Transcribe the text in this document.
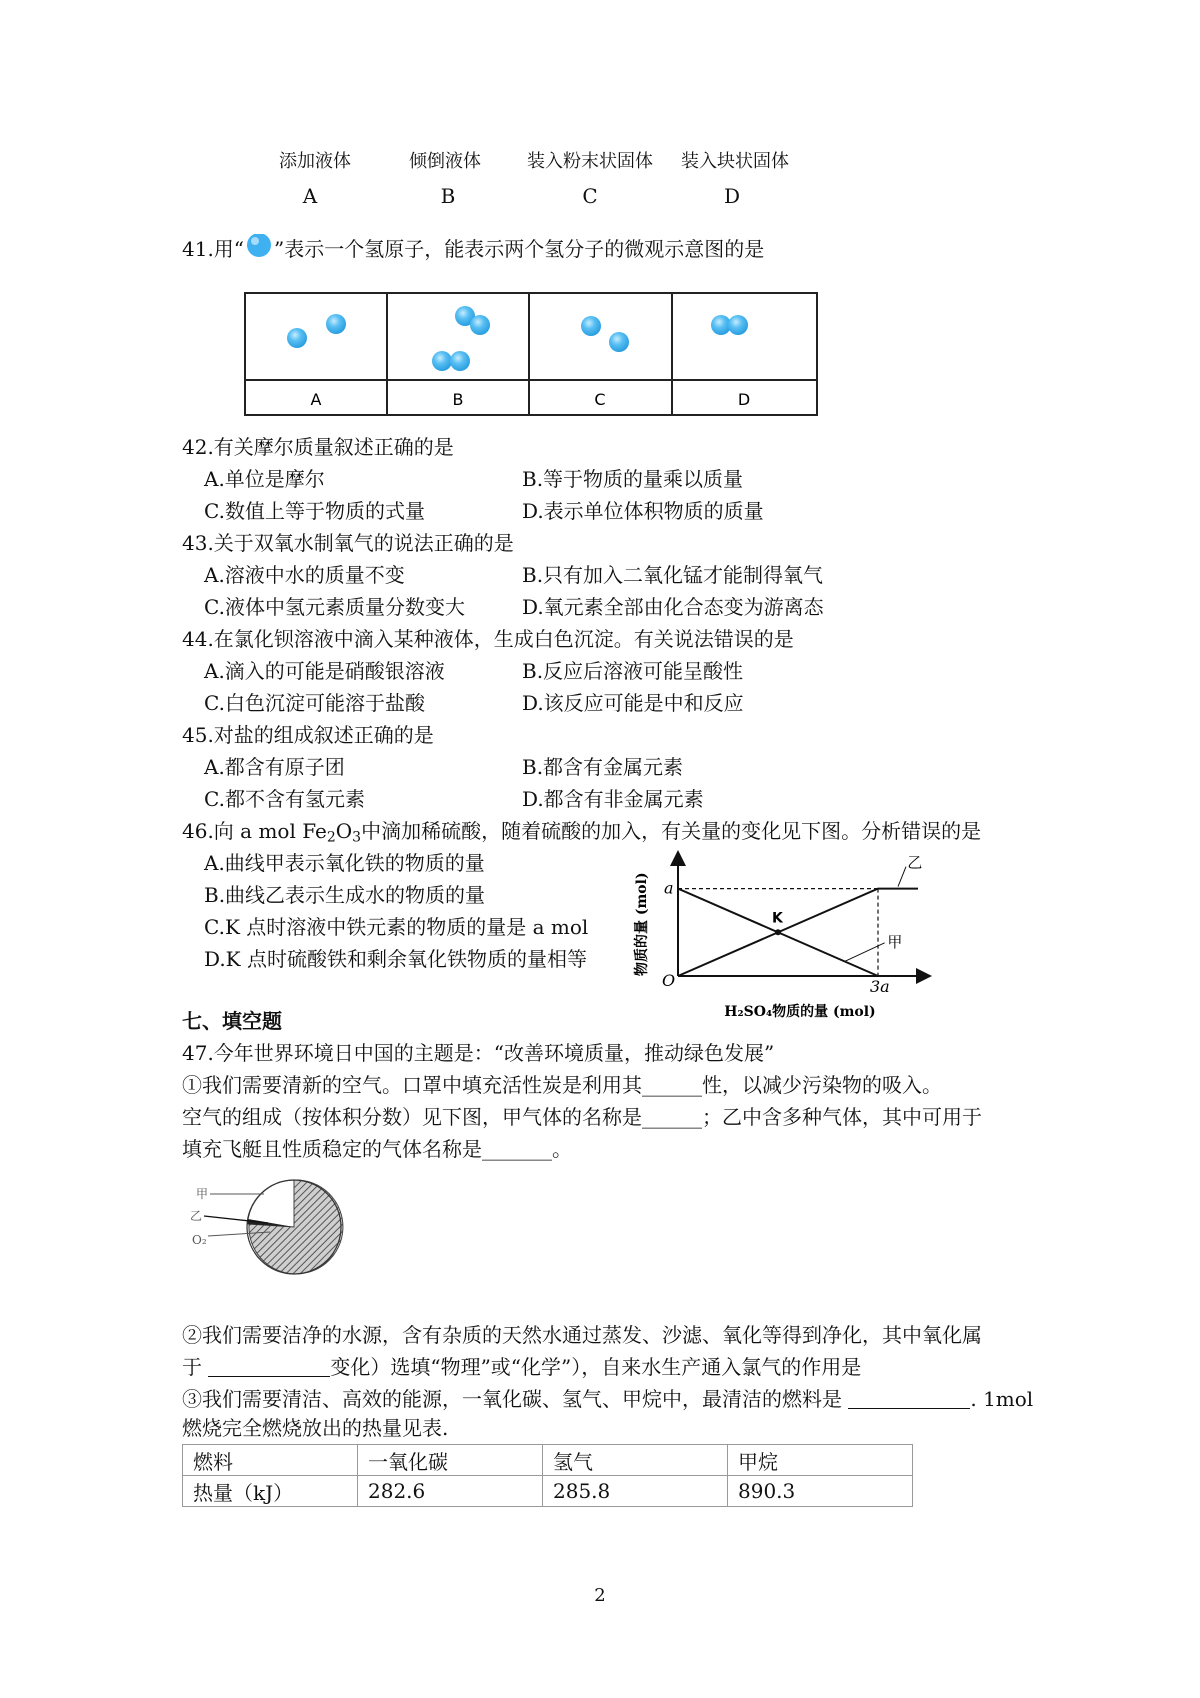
添加液体	倾倒液体	装入粉末状固体	装入块状固体
A	B	C	D
41.用“ ”表示一个氢原子，能表示两个氢分子的微观示意图的是
A	B	C	D
42.有关摩尔质量叙述正确的是
A.单位是摩尔	B.等于物质的量乘以质量
C.数值上等于物质的式量	D.表示单位体积物质的质量
43.关于双氧水制氧气的说法正确的是
A.溶液中水的质量不变	B.只有加入二氧化锰才能制得氧气
C.液体中氢元素质量分数变大	D.氧元素全部由化合态变为游离态
44.在氯化钡溶液中滴入某种液体，生成白色沉淀。有关说法错误的是
A.滴入的可能是硝酸银溶液	B.反应后溶液可能呈酸性
C.白色沉淀可能溶于盐酸	D.该反应可能是中和反应
45.对盐的组成叙述正确的是
A.都含有原子团	B.都含有金属元素
C.都不含有氢元素	D.都含有非金属元素
46.向 a mol $Fe_2O_3$中滴加稀硫酸，随着硫酸的加入，有关量的变化见下图。分析错误的是
A.曲线甲表示氧化铁的物质的量
B.曲线乙表示生成水的物质的量
C.K 点时溶液中铁元素的物质的量是 a mol
D.K 点时硫酸铁和剩余氧化铁物质的量相等
K
a
3a
乙
甲
物质的量 (mol)
H₂SO₄物质的量 (mol)
O
七、填空题
47.今年世界环境日中国的主题是：“改善环境质量，推动绿色发展”
①我们需要清新的空气。口罩中填充活性炭是利用其______性，以减少污染物的吸入。
空气的组成（按体积分数）见下图，甲气体的名称是______；乙中含多种气体，其中可用于
填充飞艇且性质稳定的气体名称是_______。
甲
乙
O₂
②我们需要洁净的水源，含有杂质的天然水通过蒸发、沙滤、氧化等得到净化，其中氧化属
于	变化）选填“物理”或“化学”），自来水生产通入氯气的作用是
③我们需要清洁、高效的能源，一氧化碳、氢气、甲烷中，最清洁的燃料是	. 1mol
燃烧完全燃烧放出的热量见表.
燃料	一氧化碳	氢气	甲烷
热量（kJ）	282.6	285.8	890.3
2
